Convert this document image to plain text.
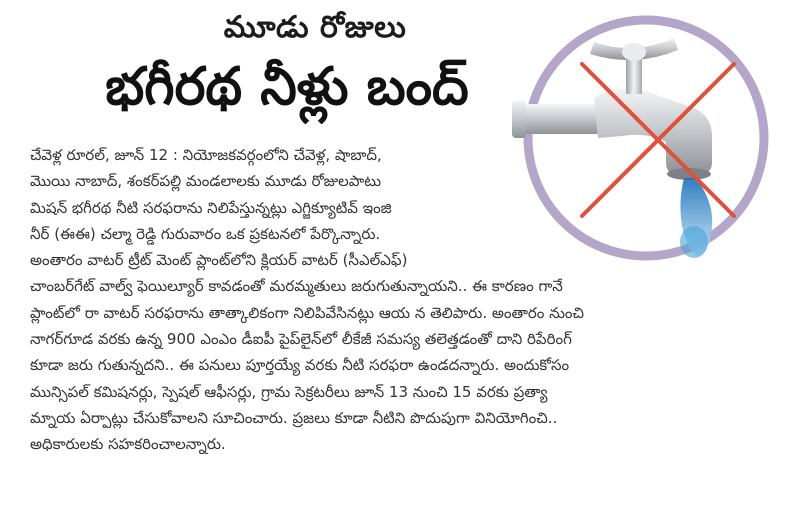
మూడు రోజులు
భగీరథ నీళ్లు బంద్
చేవెళ్ల రూరల్, జూన్ 12 : నియోజకవర్గంలోని చేవెళ్ల, షాబాద్,
మొయి నాబాద్, శంకర్‌పల్లి మండలాలకు మూడు రోజులపాటు
మిషన్ భగీరథ నీటి సరఫరాను నిలిపేస్తున్నట్లు ఎగ్జిక్యూటివ్ ఇంజి
నీర్ (ఈఈ) చల్మా రెడ్డి గురువారం ఒక ప్రకటనలో పేర్కొన్నారు.
అంతారం వాటర్ ట్రీట్ మెంట్ ప్లాంట్‌లోని క్లియర్ వాటర్ (సీఎల్ఎఫ్)
చాంబర్‌గేట్ వాల్వ్ ఫెయిల్యూర్ కావడంతో మరమ్మతులు జరుగుతున్నాయని.. ఈ కారణం గానే
ప్లాంట్‌లో రా వాటర్ సరఫరాను తాత్కాలికంగా నిలిపివేసినట్లు ఆయ న తెలిపారు. అంతారం నుంచి
నాగర్‌గూడ వరకు ఉన్న 900 ఎంఎం డీఐపీ పైప్‌లైన్‌లో లీకేజీ సమస్య తలెత్తడంతో దాని రిపేరింగ్
కూడా జరు గుతున్నదని.. ఈ పనులు పూర్తయ్యే వరకు నీటి సరఫరా ఉండదన్నారు. అందుకోసం
మున్సిపల్ కమిషనర్లు, స్పెషల్ ఆఫీసర్లు, గ్రామ సెక్రటరీలు జూన్ 13 నుంచి 15 వరకు ప్రత్యా
మ్నాయ ఏర్పాట్లు చేసుకోవాలని సూచించారు. ప్రజలు కూడా నీటిని పొదుపుగా వినియోగించి..
అధికారులకు సహకరించాలన్నారు.
